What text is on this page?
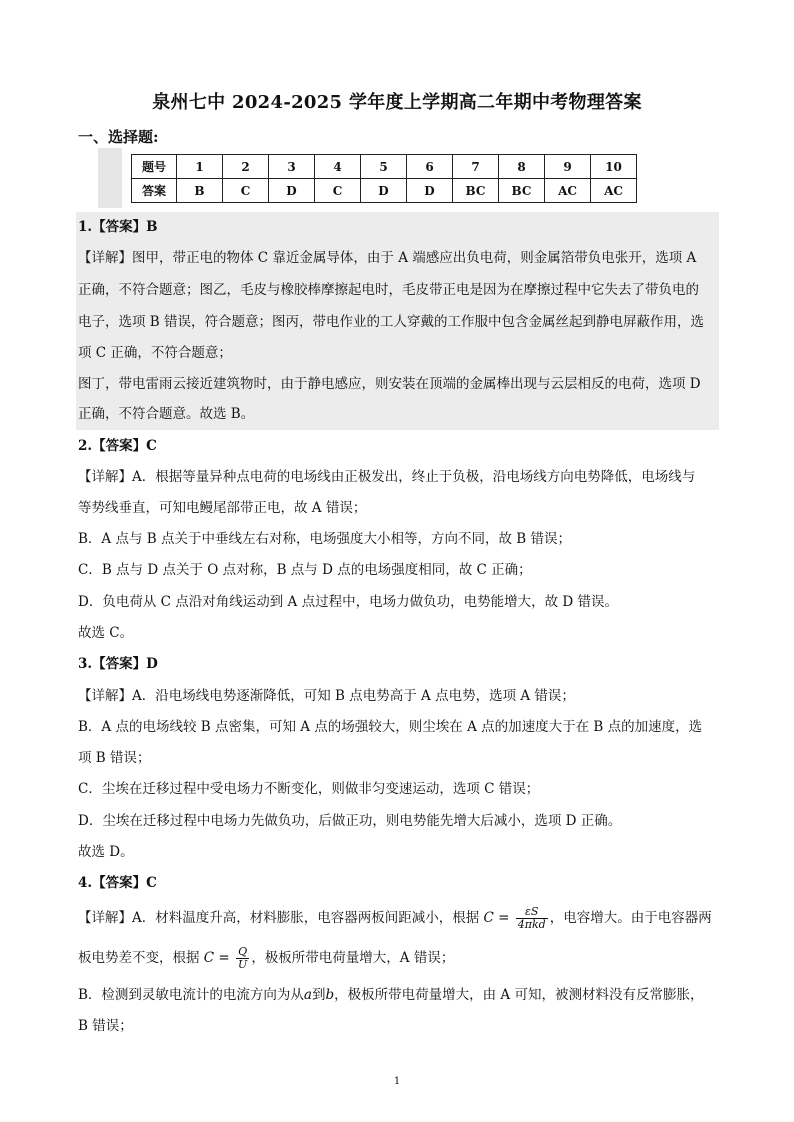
泉州七中 2024-2025 学年度上学期高二年期中考物理答案
一、选择题:
题号	1	2	3	4	5	6	7	8	9	10
答案	B	C	D	C	D	D	BC	BC	AC	AC
1.【答案】B
【详解】图甲，带正电的物体 C 靠近金属导体，由于 A 端感应出负电荷，则金属箔带负电张开，选项 A
正确，不符合题意；图乙，毛皮与橡胶棒摩擦起电时，毛皮带正电是因为在摩擦过程中它失去了带负电的
电子，选项 B 错误，符合题意；图丙，带电作业的工人穿戴的工作服中包含金属丝起到静电屏蔽作用，选
项 C 正确，不符合题意；
图丁，带电雷雨云接近建筑物时，由于静电感应，则安装在顶端的金属棒出现与云层相反的电荷，选项 D
正确，不符合题意。故选 B。
2.【答案】C
【详解】A．根据等量异种点电荷的电场线由正极发出，终止于负极，沿电场线方向电势降低，电场线与
等势线垂直，可知电鳗尾部带正电，故 A 错误；
B．A 点与 B 点关于中垂线左右对称，电场强度大小相等，方向不同，故 B 错误；
C．B 点与 D 点关于 O 点对称，B 点与 D 点的电场强度相同，故 C 正确；
D．负电荷从 C 点沿对角线运动到 A 点过程中，电场力做负功，电势能增大，故 D 错误。
故选 C。
3.【答案】D
【详解】A．沿电场线电势逐渐降低，可知 B 点电势高于 A 点电势，选项 A 错误；
B．A 点的电场线较 B 点密集，可知 A 点的场强较大，则尘埃在 A 点的加速度大于在 B 点的加速度，选
项 B 错误；
C．尘埃在迁移过程中受电场力不断变化，则做非匀变速运动，选项 C 错误；
D．尘埃在迁移过程中电场力先做负功，后做正功，则电势能先增大后减小，选项 D 正确。
故选 D。
4.【答案】C
【详解】A．材料温度升高，材料膨胀，电容器两板间距减小，根据 $C = \frac{\varepsilon S}{\text{4πkd}}$ ，电容增大。由于电容器两
板电势差不变，根据 $C = \frac{Q}{U}$ ，极板所带电荷量增大，A 错误；
B．检测到灵敏电流计的电流方向为从a到b，极板所带电荷量增大，由 A 可知，被测材料没有反常膨胀，
B 错误；
1
